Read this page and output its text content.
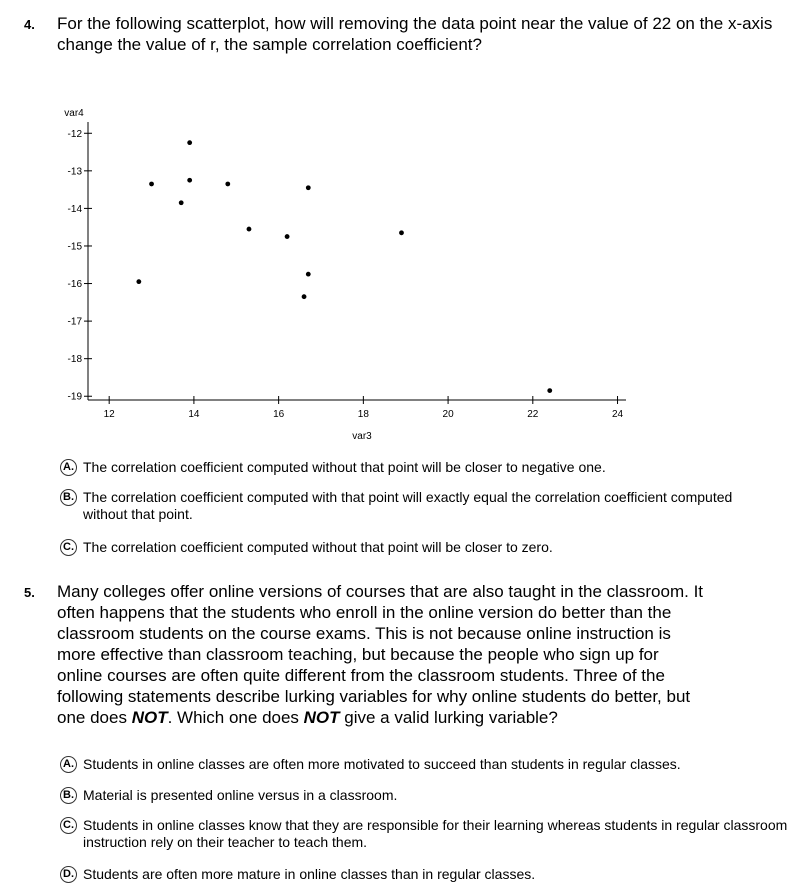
4. For the following scatterplot, how will removing the data point near the value of 22 on the x-axis change the value of r, the sample correlation coefficient?
var4
var3
-12
-13
-14
-15
-16
-17
-18
-19
12	14	16	18	20	22	24
A. The correlation coefficient computed without that point will be closer to negative one.
B. The correlation coefficient computed with that point will exactly equal the correlation coefficient computed without that point.
C. The correlation coefficient computed without that point will be closer to zero.
5. Many colleges offer online versions of courses that are also taught in the classroom. It
often happens that the students who enroll in the online version do better than the
classroom students on the course exams. This is not because online instruction is
more effective than classroom teaching, but because the people who sign up for
online courses are often quite different from the classroom students. Three of the
following statements describe lurking variables for why online students do better, but
one does NOT. Which one does NOT give a valid lurking variable?
A. Students in online classes are often more motivated to succeed than students in regular classes.
B. Material is presented online versus in a classroom.
C. Students in online classes know that they are responsible for their learning whereas students in regular classroom instruction rely on their teacher to teach them.
D. Students are often more mature in online classes than in regular classes.
